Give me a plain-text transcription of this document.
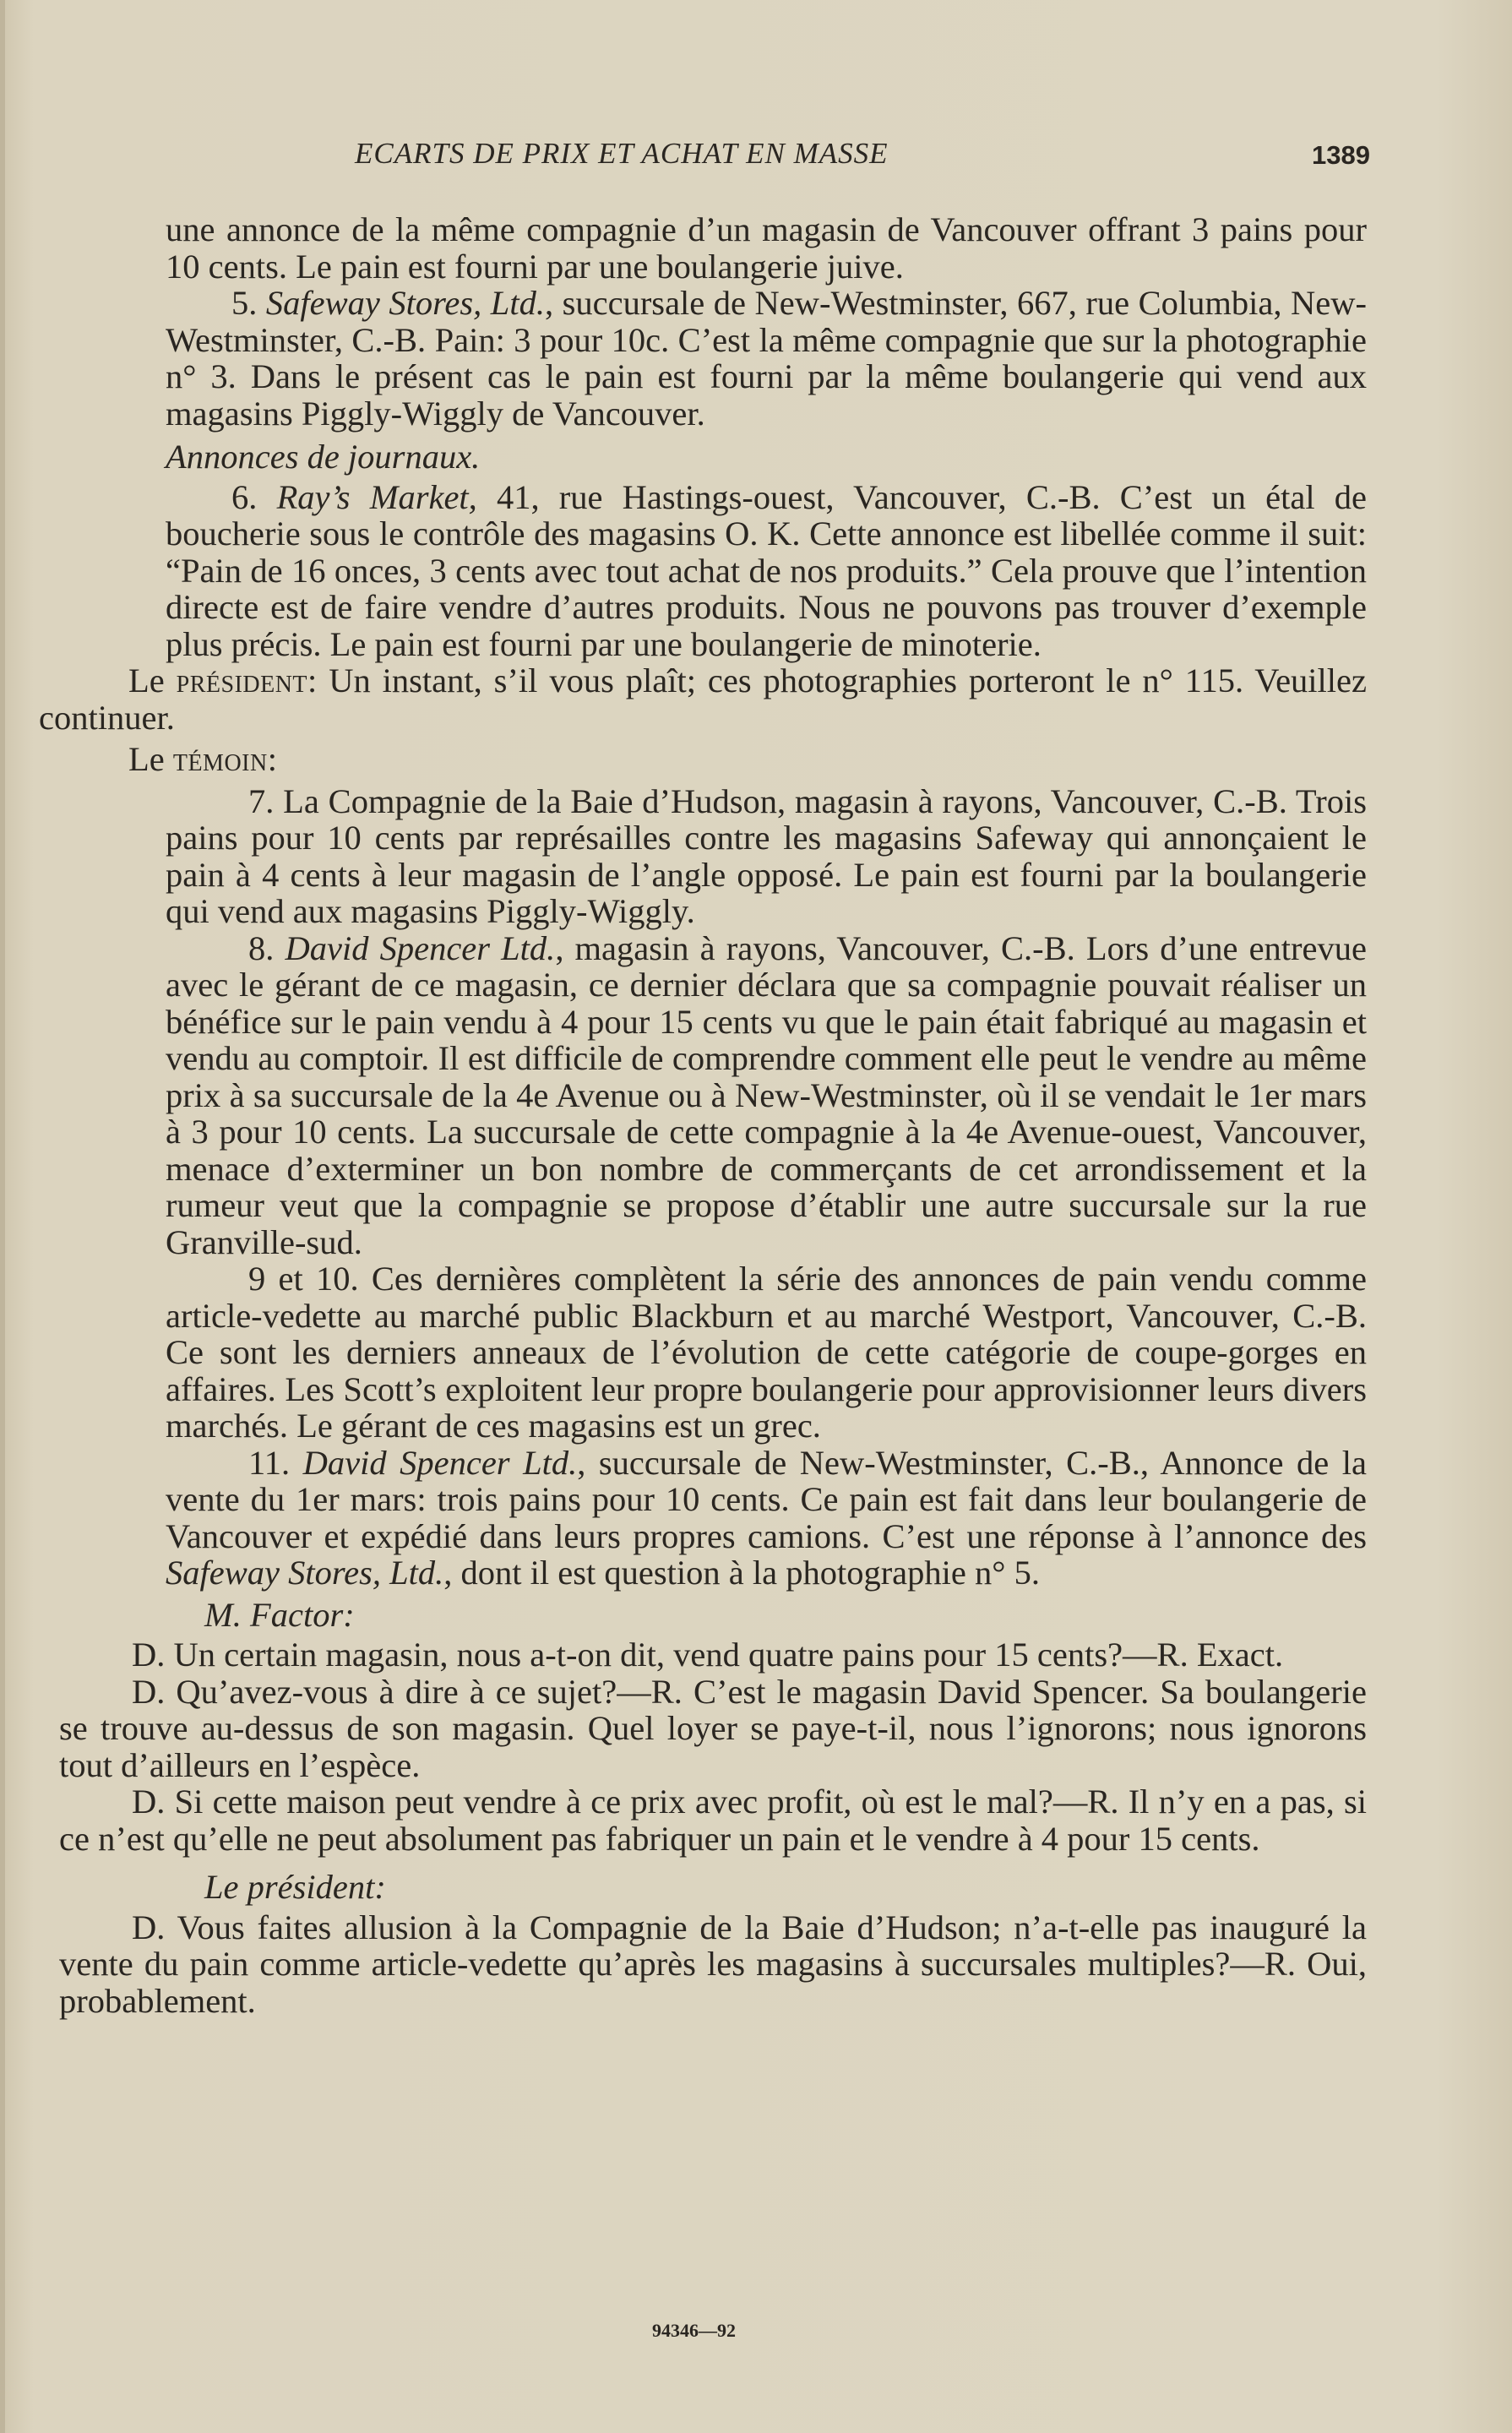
ECARTS DE PRIX ET ACHAT EN MASSE	1389

une annonce de la même compagnie d’un magasin de Vancouver offrant 3 pains pour 10 cents. Le pain est fourni par une boulangerie juive.

5. Safeway Stores, Ltd., succursale de New-Westminster, 667, rue Columbia, New-Westminster, C.-B. Pain: 3 pour 10c. C’est la même compagnie que sur la photographie n° 3. Dans le présent cas le pain est fourni par la même boulangerie qui vend aux magasins Piggly-Wiggly de Vancouver.

Annonces de journaux.

6. Ray’s Market, 41, rue Hastings-ouest, Vancouver, C.-B. C’est un étal de boucherie sous le contrôle des magasins O. K. Cette annonce est libellée comme il suit: “Pain de 16 onces, 3 cents avec tout achat de nos produits.” Cela prouve que l’intention directe est de faire vendre d’autres produits. Nous ne pouvons pas trouver d’exemple plus précis. Le pain est fourni par une boulangerie de minoterie.

Le président: Un instant, s’il vous plaît; ces photographies porteront le n° 115. Veuillez continuer.

Le témoin:

7. La Compagnie de la Baie d’Hudson, magasin à rayons, Vancouver, C.-B. Trois pains pour 10 cents par représailles contre les magasins Safeway qui annonçaient le pain à 4 cents à leur magasin de l’angle opposé. Le pain est fourni par la boulangerie qui vend aux magasins Piggly-Wiggly.

8. David Spencer Ltd., magasin à rayons, Vancouver, C.-B. Lors d’une entrevue avec le gérant de ce magasin, ce dernier déclara que sa compagnie pouvait réaliser un bénéfice sur le pain vendu à 4 pour 15 cents vu que le pain était fabriqué au magasin et vendu au comptoir. Il est difficile de comprendre comment elle peut le vendre au même prix à sa succursale de la 4e Avenue ou à New-Westminster, où il se vendait le 1er mars à 3 pour 10 cents. La succursale de cette compagnie à la 4e Avenue-ouest, Vancouver, menace d’exterminer un bon nombre de commerçants de cet arrondissement et la rumeur veut que la compagnie se propose d’établir une autre succursale sur la rue Granville-sud.

9 et 10. Ces dernières complètent la série des annonces de pain vendu comme article-vedette au marché public Blackburn et au marché Westport, Vancouver, C.-B. Ce sont les derniers anneaux de l’évolution de cette catégorie de coupe-gorges en affaires. Les Scott’s exploitent leur propre boulangerie pour approvisionner leurs divers marchés. Le gérant de ces magasins est un grec.

11. David Spencer Ltd., succursale de New-Westminster, C.-B., Annonce de la vente du 1er mars: trois pains pour 10 cents. Ce pain est fait dans leur boulangerie de Vancouver et expédié dans leurs propres camions. C’est une réponse à l’annonce des Safeway Stores, Ltd., dont il est question à la photographie n° 5.

M. Factor:

D. Un certain magasin, nous a-t-on dit, vend quatre pains pour 15 cents?—R. Exact.

D. Qu’avez-vous à dire à ce sujet?—R. C’est le magasin David Spencer. Sa boulangerie se trouve au-dessus de son magasin. Quel loyer se paye-t-il, nous l’ignorons; nous ignorons tout d’ailleurs en l’espèce.

D. Si cette maison peut vendre à ce prix avec profit, où est le mal?—R. Il n’y en a pas, si ce n’est qu’elle ne peut absolument pas fabriquer un pain et le vendre à 4 pour 15 cents.

Le président:

D. Vous faites allusion à la Compagnie de la Baie d’Hudson; n’a-t-elle pas inauguré la vente du pain comme article-vedette qu’après les magasins à succursales multiples?—R. Oui, probablement.

94346—92
